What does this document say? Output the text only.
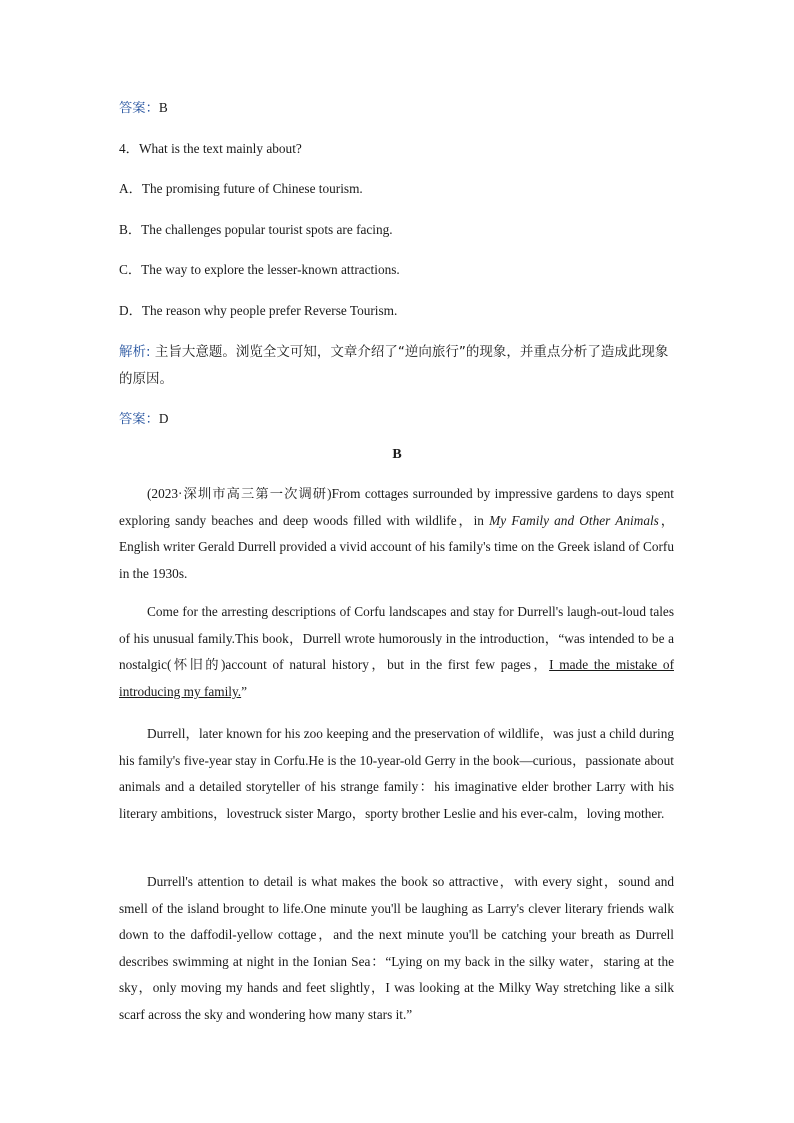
答案：B
4．What is the text mainly about?
A．The promising future of Chinese tourism.
B．The challenges popular tourist spots are facing.
C．The way to explore the lesser-known attractions.
D．The reason why people prefer Reverse Tourism.
解析: 主旨大意题。浏览全文可知，文章介绍了“逆向旅行”的现象，并重点分析了造成此现象的原因。
答案：D
B
(2023·深圳市高三第一次调研)From cottages surrounded by impressive gardens to days spent exploring sandy beaches and deep woods filled with wildlife，in My Family and Other Animals，English writer Gerald Durrell provided a vivid account of his family's time on the Greek island of Corfu in the 1930s.
Come for the arresting descriptions of Corfu landscapes and stay for Durrell's laugh-out-loud tales of his unusual family.This book，Durrell wrote humorously in the introduction，“was intended to be a nostalgic(怀旧的)account of natural history，but in the first few pages，I made the mistake of introducing my family.”
Durrell，later known for his zoo keeping and the preservation of wildlife，was just a child during his family's five-year stay in Corfu.He is the 10-year-old Gerry in the book—curious，passionate about animals and a detailed storyteller of his strange family：his imaginative elder brother Larry with his literary ambitions，lovestruck sister Margo，sporty brother Leslie and his ever-calm，loving mother.
Durrell's attention to detail is what makes the book so attractive，with every sight，sound and smell of the island brought to life.One minute you'll be laughing as Larry's clever literary friends walk down to the daffodil-yellow cottage，and the next minute you'll be catching your breath as Durrell describes swimming at night in the Ionian Sea：“Lying on my back in the silky water，staring at the sky，only moving my hands and feet slightly，I was looking at the Milky Way stretching like a silk scarf across the sky and wondering how many stars it.”
